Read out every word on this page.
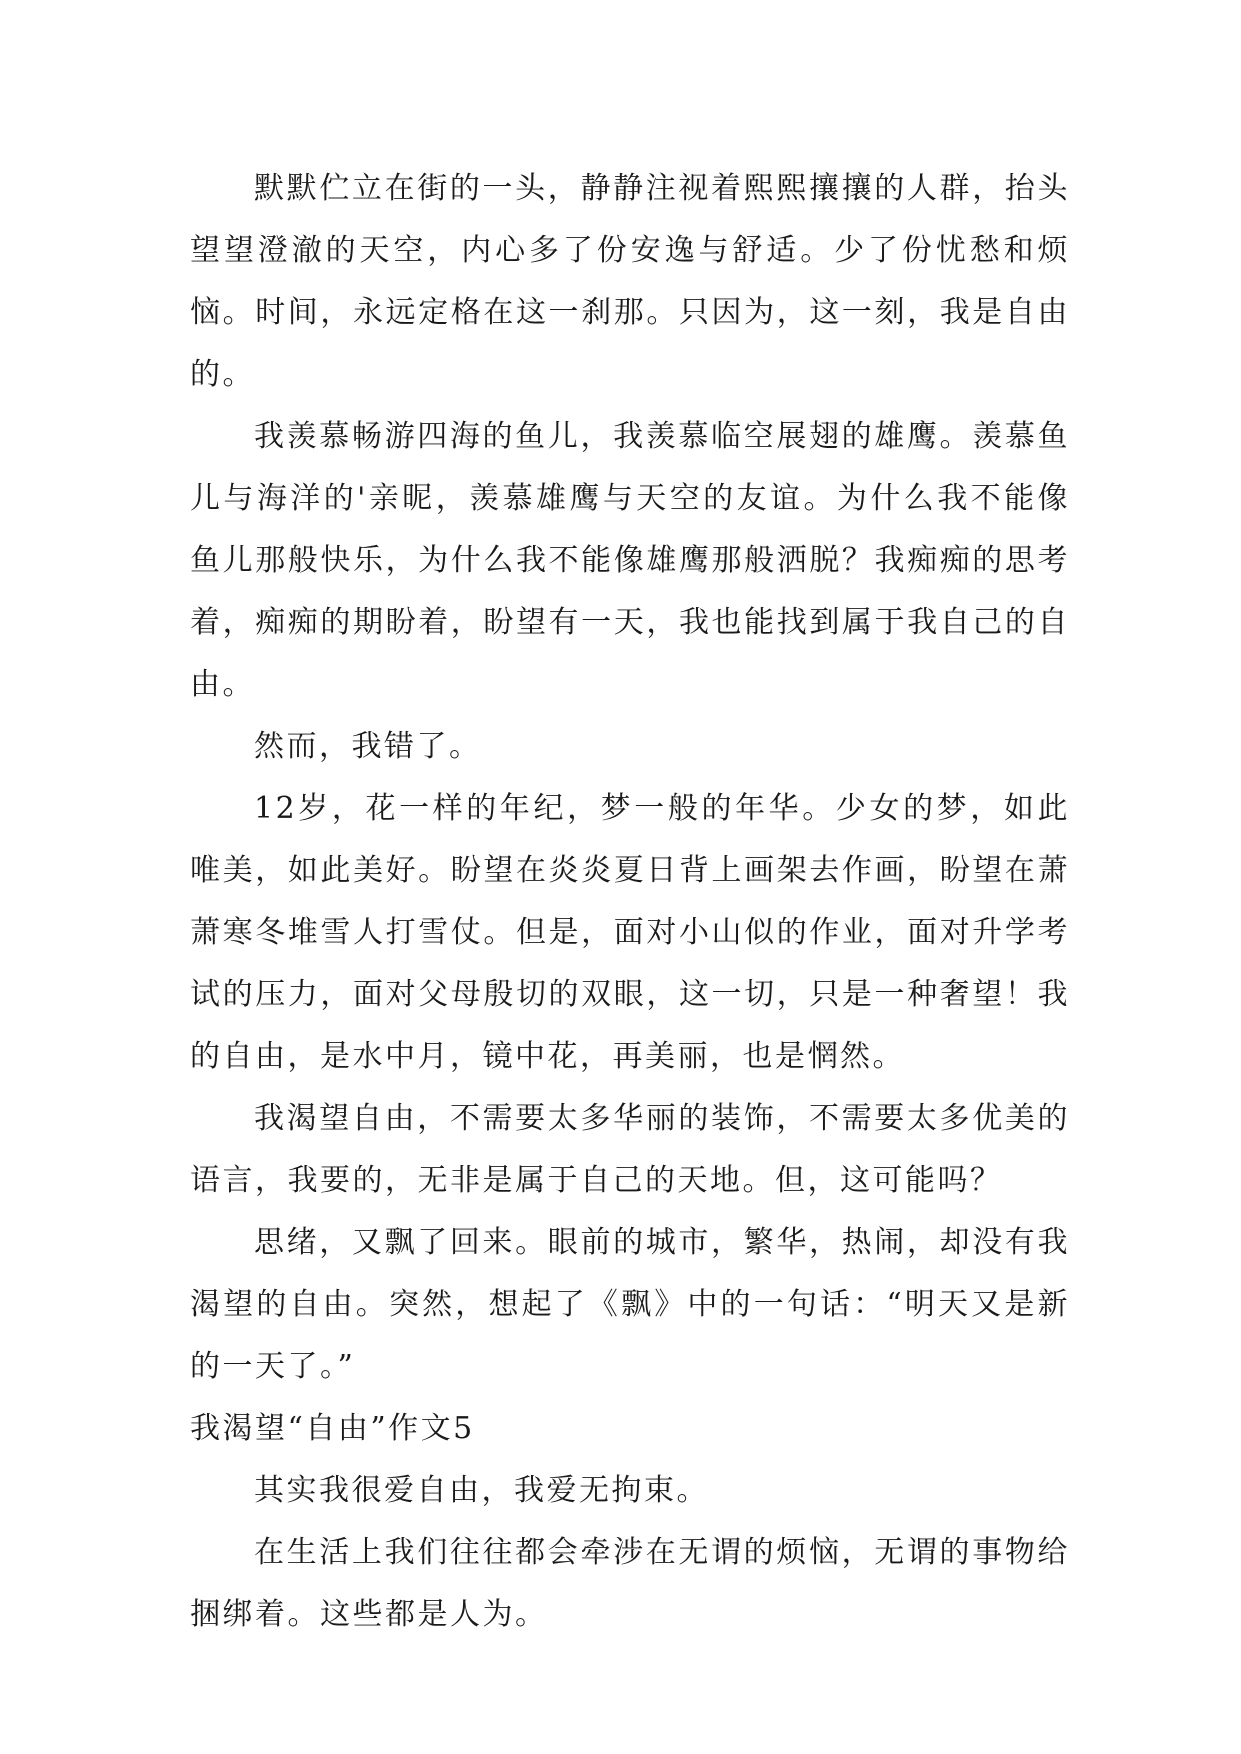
默默伫立在街的一头，静静注视着熙熙攘攘的人群，抬头望望澄澈的天空，内心多了份安逸与舒适。少了份忧愁和烦恼。时间，永远定格在这一刹那。只因为，这一刻，我是自由的。

我羡慕畅游四海的鱼儿，我羡慕临空展翅的雄鹰。羡慕鱼儿与海洋的'亲昵，羡慕雄鹰与天空的友谊。为什么我不能像鱼儿那般快乐，为什么我不能像雄鹰那般洒脱？我痴痴的思考着，痴痴的期盼着，盼望有一天，我也能找到属于我自己的自由。

然而，我错了。

12岁，花一样的年纪，梦一般的年华。少女的梦，如此唯美，如此美好。盼望在炎炎夏日背上画架去作画，盼望在萧萧寒冬堆雪人打雪仗。但是，面对小山似的作业，面对升学考试的压力，面对父母殷切的双眼，这一切，只是一种奢望！我的自由，是水中月，镜中花，再美丽，也是惘然。

我渴望自由，不需要太多华丽的装饰，不需要太多优美的语言，我要的，无非是属于自己的天地。但，这可能吗？

思绪，又飘了回来。眼前的城市，繁华，热闹，却没有我渴望的自由。突然，想起了《飘》中的一句话：“明天又是新的一天了。”

我渴望“自由”作文5

其实我很爱自由，我爱无拘束。

在生活上我们往往都会牵涉在无谓的烦恼，无谓的事物给捆绑着。这些都是人为。
